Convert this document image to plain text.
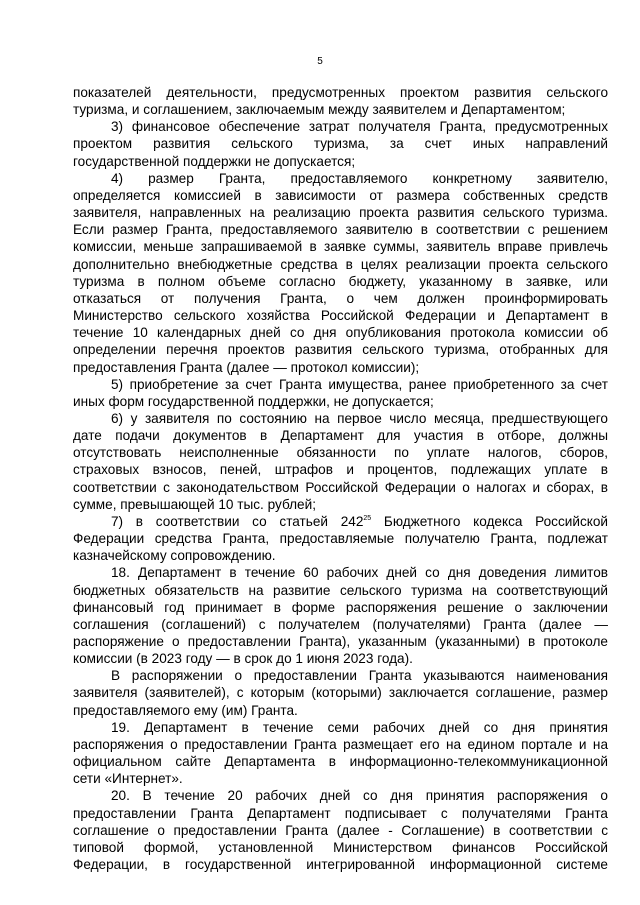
5
показателей деятельности, предусмотренных проектом развития сельского
туризма, и соглашением, заключаемым между заявителем и Департаментом;
3) финансовое обеспечение затрат получателя Гранта, предусмотренных
проектом развития сельского туризма, за счет иных направлений
государственной поддержки не допускается;
4) размер Гранта, предоставляемого конкретному заявителю,
определяется комиссией в зависимости от размера собственных средств
заявителя, направленных на реализацию проекта развития сельского туризма.
Если размер Гранта, предоставляемого заявителю в соответствии с решением
комиссии, меньше запрашиваемой в заявке суммы, заявитель вправе привлечь
дополнительно внебюджетные средства в целях реализации проекта сельского
туризма в полном объеме согласно бюджету, указанному в заявке, или
отказаться от получения Гранта, о чем должен проинформировать
Министерство сельского хозяйства Российской Федерации и Департамент в
течение 10 календарных дней со дня опубликования протокола комиссии об
определении перечня проектов развития сельского туризма, отобранных для
предоставления Гранта (далее — протокол комиссии);
5) приобретение за счет Гранта имущества, ранее приобретенного за счет
иных форм государственной поддержки, не допускается;
6) у заявителя по состоянию на первое число месяца, предшествующего
дате подачи документов в Департамент для участия в отборе, должны
отсутствовать неисполненные обязанности по уплате налогов, сборов,
страховых взносов, пеней, штрафов и процентов, подлежащих уплате в
соответствии с законодательством Российской Федерации о налогах и сборах, в
сумме, превышающей 10 тыс. рублей;
7) в соответствии со статьей $242^{25}$ Бюджетного кодекса Российской
Федерации средства Гранта, предоставляемые получателю Гранта, подлежат
казначейскому сопровождению.
18. Департамент в течение 60 рабочих дней со дня доведения лимитов
бюджетных обязательств на развитие сельского туризма на соответствующий
финансовый год принимает в форме распоряжения решение о заключении
соглашения (соглашений) с получателем (получателями) Гранта (далее —
распоряжение о предоставлении Гранта), указанным (указанными) в протоколе
комиссии (в 2023 году — в срок до 1 июня 2023 года).
В распоряжении о предоставлении Гранта указываются наименования
заявителя (заявителей), с которым (которыми) заключается соглашение, размер
предоставляемого ему (им) Гранта.
19. Департамент в течение семи рабочих дней со дня принятия
распоряжения о предоставлении Гранта размещает его на едином портале и на
официальном сайте Департамента в информационно-телекоммуникационной
сети «Интернет».
20. В течение 20 рабочих дней со дня принятия распоряжения о
предоставлении Гранта Департамент подписывает с получателями Гранта
соглашение о предоставлении Гранта (далее - Соглашение) в соответствии с
типовой формой, установленной Министерством финансов Российской
Федерации, в государственной интегрированной информационной системе
